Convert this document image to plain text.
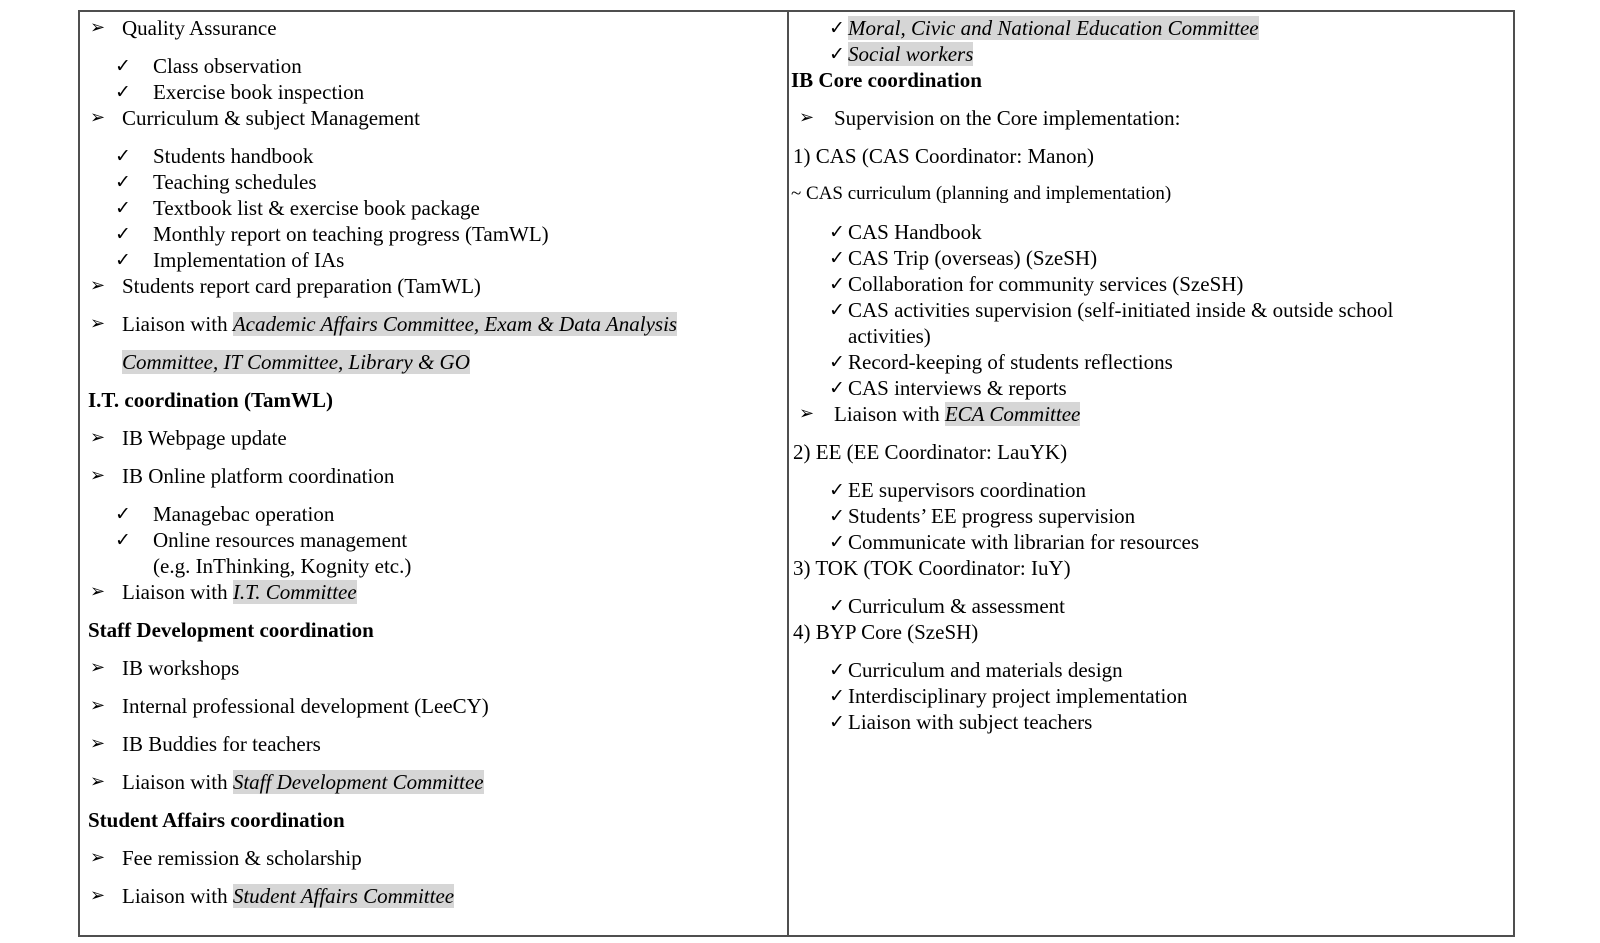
➢ Quality Assurance
✓ Class observation
✓ Exercise book inspection
➢ Curriculum & subject Management
✓ Students handbook
✓ Teaching schedules
✓ Textbook list & exercise book package
✓ Monthly report on teaching progress (TamWL)
✓ Implementation of IAs
➢ Students report card preparation (TamWL)
➢ Liaison with Academic Affairs Committee, Exam & Data Analysis
Committee, IT Committee, Library & GO
I.T. coordination (TamWL)
➢ IB Webpage update
➢ IB Online platform coordination
✓ Managebac operation
✓ Online resources management
(e.g. InThinking, Kognity etc.)
➢ Liaison with I.T. Committee
Staff Development coordination
➢ IB workshops
➢ Internal professional development (LeeCY)
➢ IB Buddies for teachers
➢ Liaison with Staff Development Committee
Student Affairs coordination
➢ Fee remission & scholarship
➢ Liaison with Student Affairs Committee
✓ Moral, Civic and National Education Committee
✓ Social workers
IB Core coordination
➢ Supervision on the Core implementation:
1) CAS (CAS Coordinator: Manon)
~ CAS curriculum (planning and implementation)
✓ CAS Handbook
✓ CAS Trip (overseas) (SzeSH)
✓ Collaboration for community services (SzeSH)
✓ CAS activities supervision (self-initiated inside & outside school
activities)
✓ Record-keeping of students reflections
✓ CAS interviews & reports
➢ Liaison with ECA Committee
2) EE (EE Coordinator: LauYK)
✓ EE supervisors coordination
✓ Students’ EE progress supervision
✓ Communicate with librarian for resources
3) TOK (TOK Coordinator: IuY)
✓ Curriculum & assessment
4) BYP Core (SzeSH)
✓ Curriculum and materials design
✓ Interdisciplinary project implementation
✓ Liaison with subject teachers
